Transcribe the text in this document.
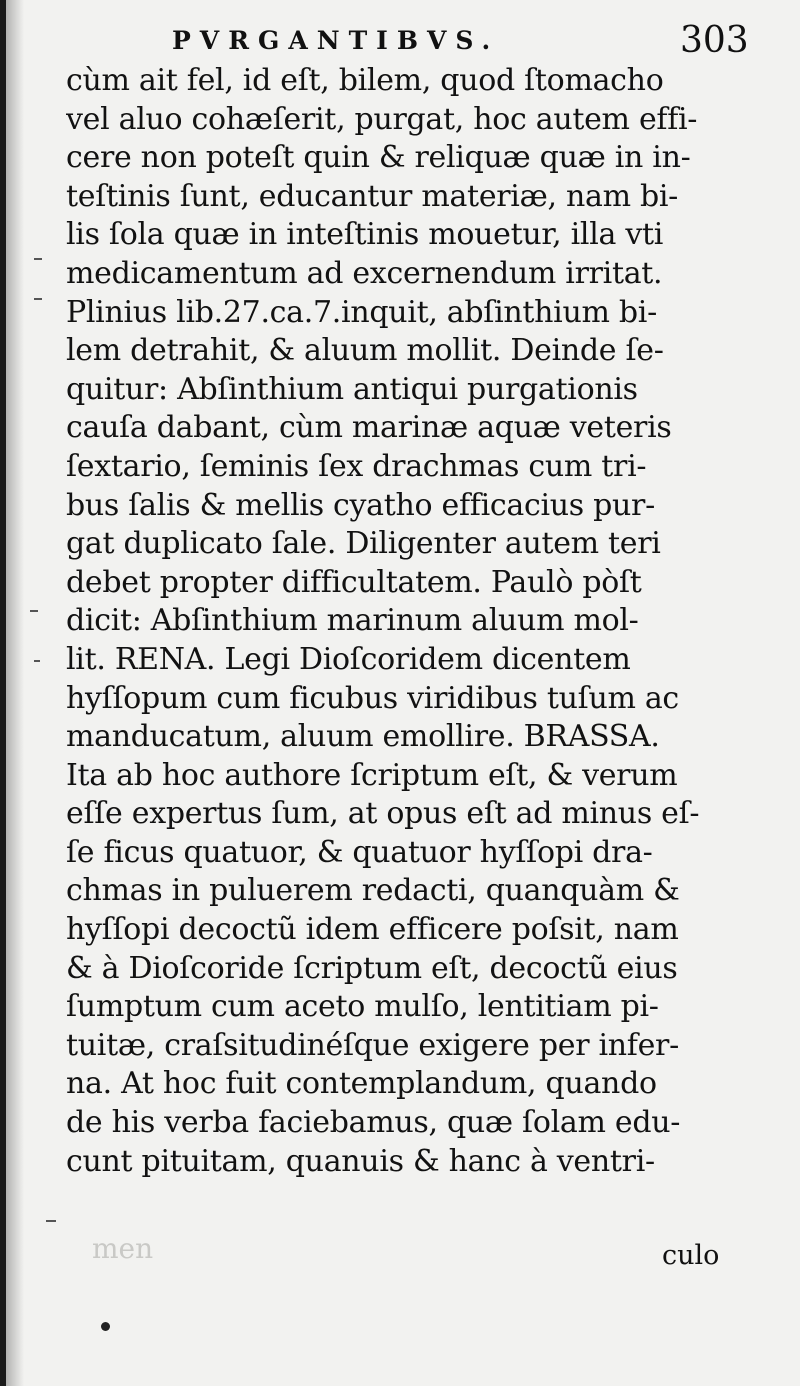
PVRGANTIBVS.	303
cùm ait fel, id eſt, bilem, quod ſtomacho
vel aluo cohæſerit, purgat, hoc autem effi-
cere non poteſt quin & reliquæ quæ in in-
teſtinis ſunt, educantur materiæ, nam bi-
lis ſola quæ in inteſtinis mouetur, illa vti
medicamentum ad excernendum irritat.
Plinius lib.27.ca.7.inquit, abſinthium bi-
lem detrahit, & aluum mollit. Deinde ſe-
quitur: Abſinthium antiqui purgationis
cauſa dabant, cùm marinæ aquæ veteris
ſextario, ſeminis ſex drachmas cum tri-
bus ſalis & mellis cyatho efficacius pur-
gat duplicato ſale. Diligenter autem teri
debet propter difficultatem. Paulò pòſt
dicit: Abſinthium marinum aluum mol-
lit. RENA. Legi Dioſcoridem dicentem
hyſſopum cum ficubus viridibus tuſum ac
manducatum, aluum emollire. BRASSA.
Ita ab hoc authore ſcriptum eſt, & verum
eſſe expertus ſum, at opus eſt ad minus eſ-
ſe ficus quatuor, & quatuor hyſſopi dra-
chmas in puluerem redacti, quanquàm &
hyſſopi decoctũ idem efficere poſsit, nam
& à Dioſcoride ſcriptum eſt, decoctũ eius
ſumptum cum aceto mulſo, lentitiam pi-
tuitæ, craſsitudinéſque exigere per infer-
na. At hoc fuit contemplandum, quando
de his verba faciebamus, quæ ſolam edu-
cunt pituitam, quanuis & hanc à ventri-
men	culo
